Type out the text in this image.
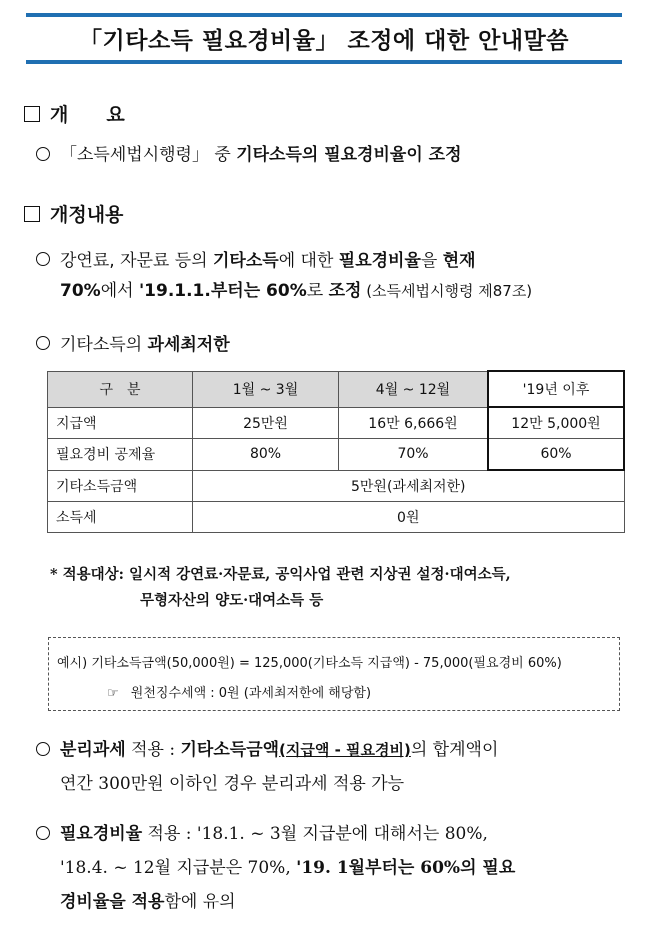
「기타소득 필요경비율」 조정에 대한 안내말씀
개　　요
「소득세법시행령」 중 기타소득의 필요경비율이 조정
개정내용
강연료, 자문료 등의 기타소득에 대한 필요경비율을 현재
70%에서 '19.1.1.부터는 60%로 조정 (소득세법시행령 제87조)
기타소득의 과세최저한
구　분	1월 ~ 3월	4월 ~ 12월	'19년 이후
지급액	25만원	16만 6,666원	12만 5,000원
필요경비 공제율	80%	70%	60%
기타소득금액	5만원(과세최저한)		
소득세	0원		
* 적용대상: 일시적 강연료·자문료, 공익사업 관련 지상권 설정·대여소득,
무형자산의 양도·대여소득 등
예시) 기타소득금액(50,000원) = 125,000(기타소득 지급액) - 75,000(필요경비 60%)
☞ 원천징수세액 : 0원 (과세최저한에 해당함)
분리과세 적용 : 기타소득금액(지급액 - 필요경비)의 합계액이
연간 300만원 이하인 경우 분리과세 적용 가능
필요경비율 적용 : '18.1. ~ 3월 지급분에 대해서는 80%,
'18.4. ~ 12월 지급분은 70%, '19. 1월부터는 60%의 필요
경비율을 적용함에 유의
